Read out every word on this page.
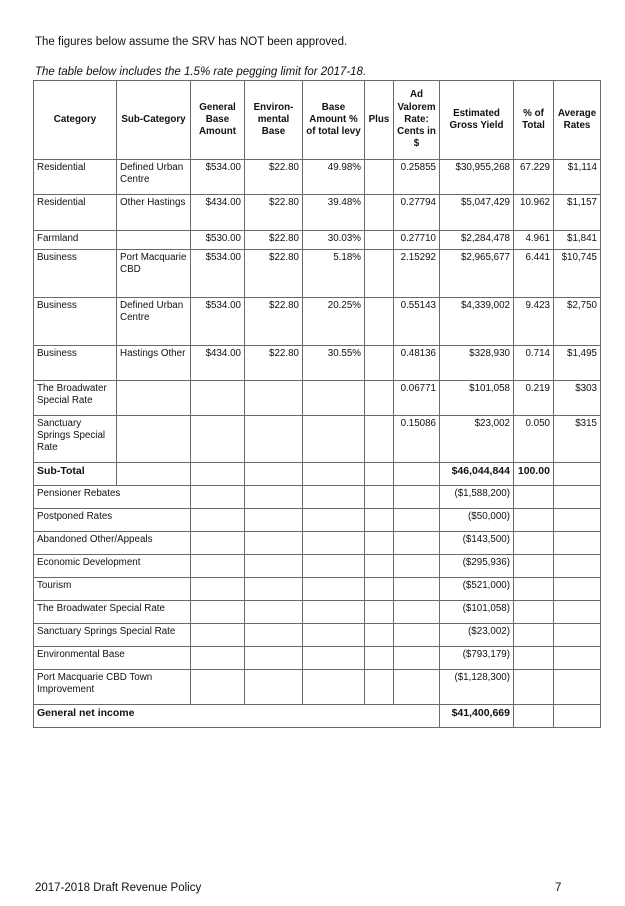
The figures below assume the SRV has NOT been approved.
The table below includes the 1.5% rate pegging limit for 2017-18.
Category	Sub-Category	General Base Amount	Environ-mental Base	Base Amount % of total levy	Plus	Ad Valorem Rate: Cents in $	Estimated Gross Yield	% of Total	Average Rates
Residential	Defined Urban Centre	$534.00	$22.80	49.98%		0.25855	$30,955,268	67.229	$1,114
Residential	Other Hastings	$434.00	$22.80	39.48%		0.27794	$5,047,429	10.962	$1,157
Farmland		$530.00	$22.80	30.03%		0.27710	$2,284,478	4.961	$1,841
Business	Port Macquarie CBD	$534.00	$22.80	5.18%		2.15292	$2,965,677	6.441	$10,745
Business	Defined Urban Centre	$534.00	$22.80	20.25%		0.55143	$4,339,002	9.423	$2,750
Business	Hastings Other	$434.00	$22.80	30.55%		0.48136	$328,930	0.714	$1,495
The Broadwater Special Rate						0.06771	$101,058	0.219	$303
Sanctuary Springs Special Rate						0.15086	$23,002	0.050	$315
Sub-Total							$46,044,844	100.00	
Pensioner Rebates							($1,588,200)		
Postponed Rates							($50,000)		
Abandoned Other/Appeals							($143,500)		
Economic Development							($295,936)		
Tourism							($521,000)		
The Broadwater Special Rate							($101,058)		
Sanctuary Springs Special Rate							($23,002)		
Environmental Base							($793,179)		
Port Macquarie CBD Town Improvement							($1,128,300)		
General net income							$41,400,669		
2017-2018 Draft Revenue Policy	7
